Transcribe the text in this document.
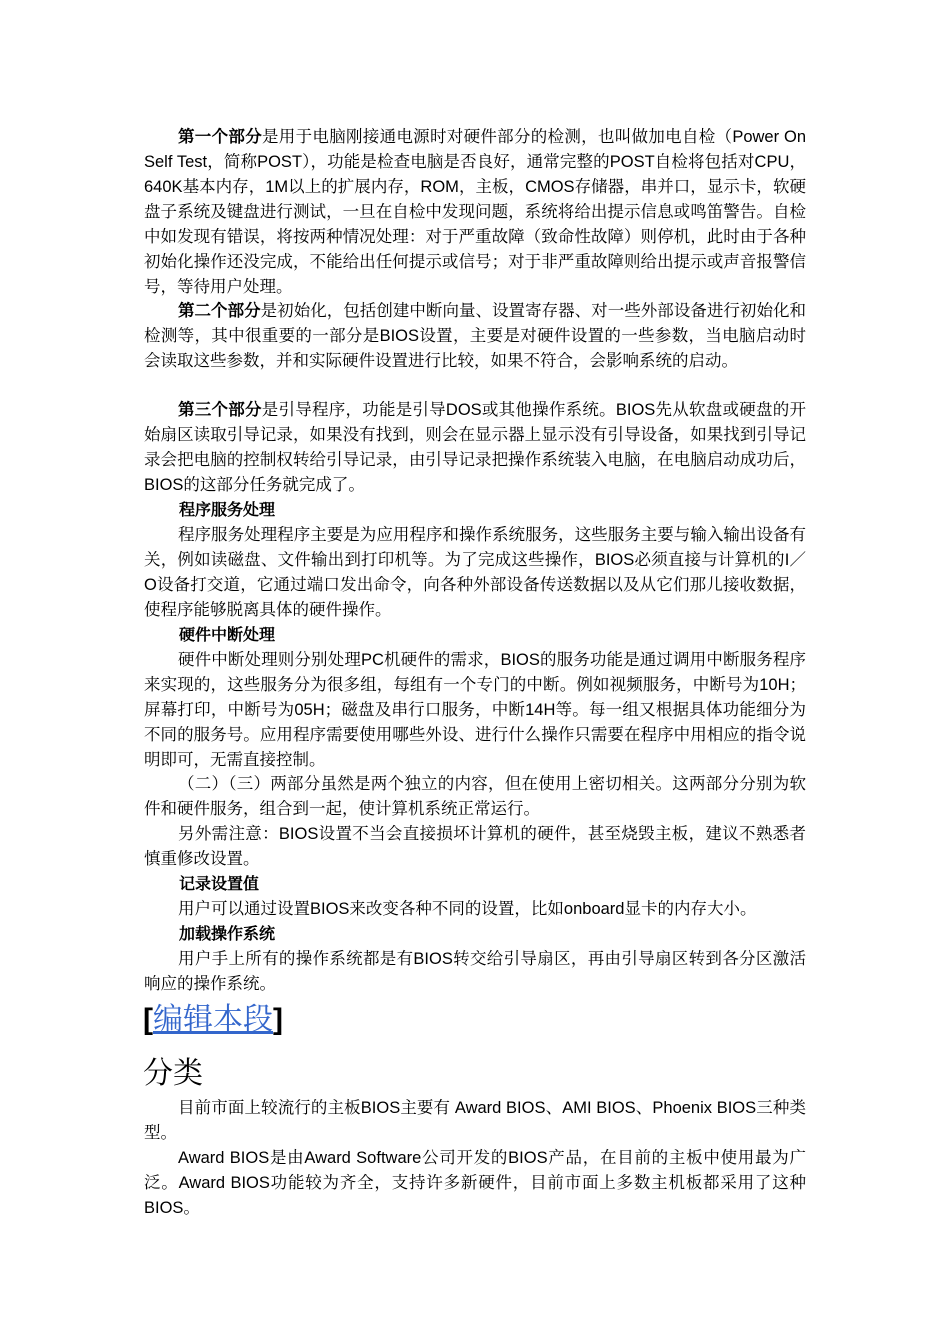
第一个部分是用于电脑刚接通电源时对硬件部分的检测，也叫做加电自检（Power On Self Test，简称POST），功能是检查电脑是否良好，通常完整的POST自检将包括对CPU，640K基本内存，1M以上的扩展内存，ROM，主板，CMOS存储器，串并口，显示卡，软硬盘子系统及键盘进行测试，一旦在自检中发现问题，系统将给出提示信息或鸣笛警告。自检中如发现有错误，将按两种情况处理：对于严重故障（致命性故障）则停机，此时由于各种初始化操作还没完成，不能给出任何提示或信号；对于非严重故障则给出提示或声音报警信号，等待用户处理。

第二个部分是初始化，包括创建中断向量、设置寄存器、对一些外部设备进行初始化和检测等，其中很重要的一部分是BIOS设置，主要是对硬件设置的一些参数，当电脑启动时会读取这些参数，并和实际硬件设置进行比较，如果不符合，会影响系统的启动。

第三个部分是引导程序，功能是引导DOS或其他操作系统。BIOS先从软盘或硬盘的开始扇区读取引导记录，如果没有找到，则会在显示器上显示没有引导设备，如果找到引导记录会把电脑的控制权转给引导记录，由引导记录把操作系统装入电脑，在电脑启动成功后，BIOS的这部分任务就完成了。

程序服务处理

程序服务处理程序主要是为应用程序和操作系统服务，这些服务主要与输入输出设备有关，例如读磁盘、文件输出到打印机等。为了完成这些操作，BIOS必须直接与计算机的I／O设备打交道，它通过端口发出命令，向各种外部设备传送数据以及从它们那儿接收数据，使程序能够脱离具体的硬件操作。

硬件中断处理

硬件中断处理则分别处理PC机硬件的需求，BIOS的服务功能是通过调用中断服务程序来实现的，这些服务分为很多组，每组有一个专门的中断。例如视频服务，中断号为10H；屏幕打印，中断号为05H；磁盘及串行口服务，中断14H等。每一组又根据具体功能细分为不同的服务号。应用程序需要使用哪些外设、进行什么操作只需要在程序中用相应的指令说明即可，无需直接控制。

（二）（三）两部分虽然是两个独立的内容，但在使用上密切相关。这两部分分别为软件和硬件服务，组合到一起，使计算机系统正常运行。

另外需注意：BIOS设置不当会直接损坏计算机的硬件，甚至烧毁主板，建议不熟悉者慎重修改设置。

记录设置值

用户可以通过设置BIOS来改变各种不同的设置，比如onboard显卡的内存大小。

加载操作系统

用户手上所有的操作系统都是有BIOS转交给引导扇区，再由引导扇区转到各分区激活响应的操作系统。

[编辑本段]
分类

目前市面上较流行的主板BIOS主要有 Award BIOS、AMI BIOS、Phoenix BIOS三种类型。

Award BIOS是由Award Software公司开发的BIOS产品，在目前的主板中使用最为广泛。Award BIOS功能较为齐全，支持许多新硬件，目前市面上多数主机板都采用了这种BIOS。
